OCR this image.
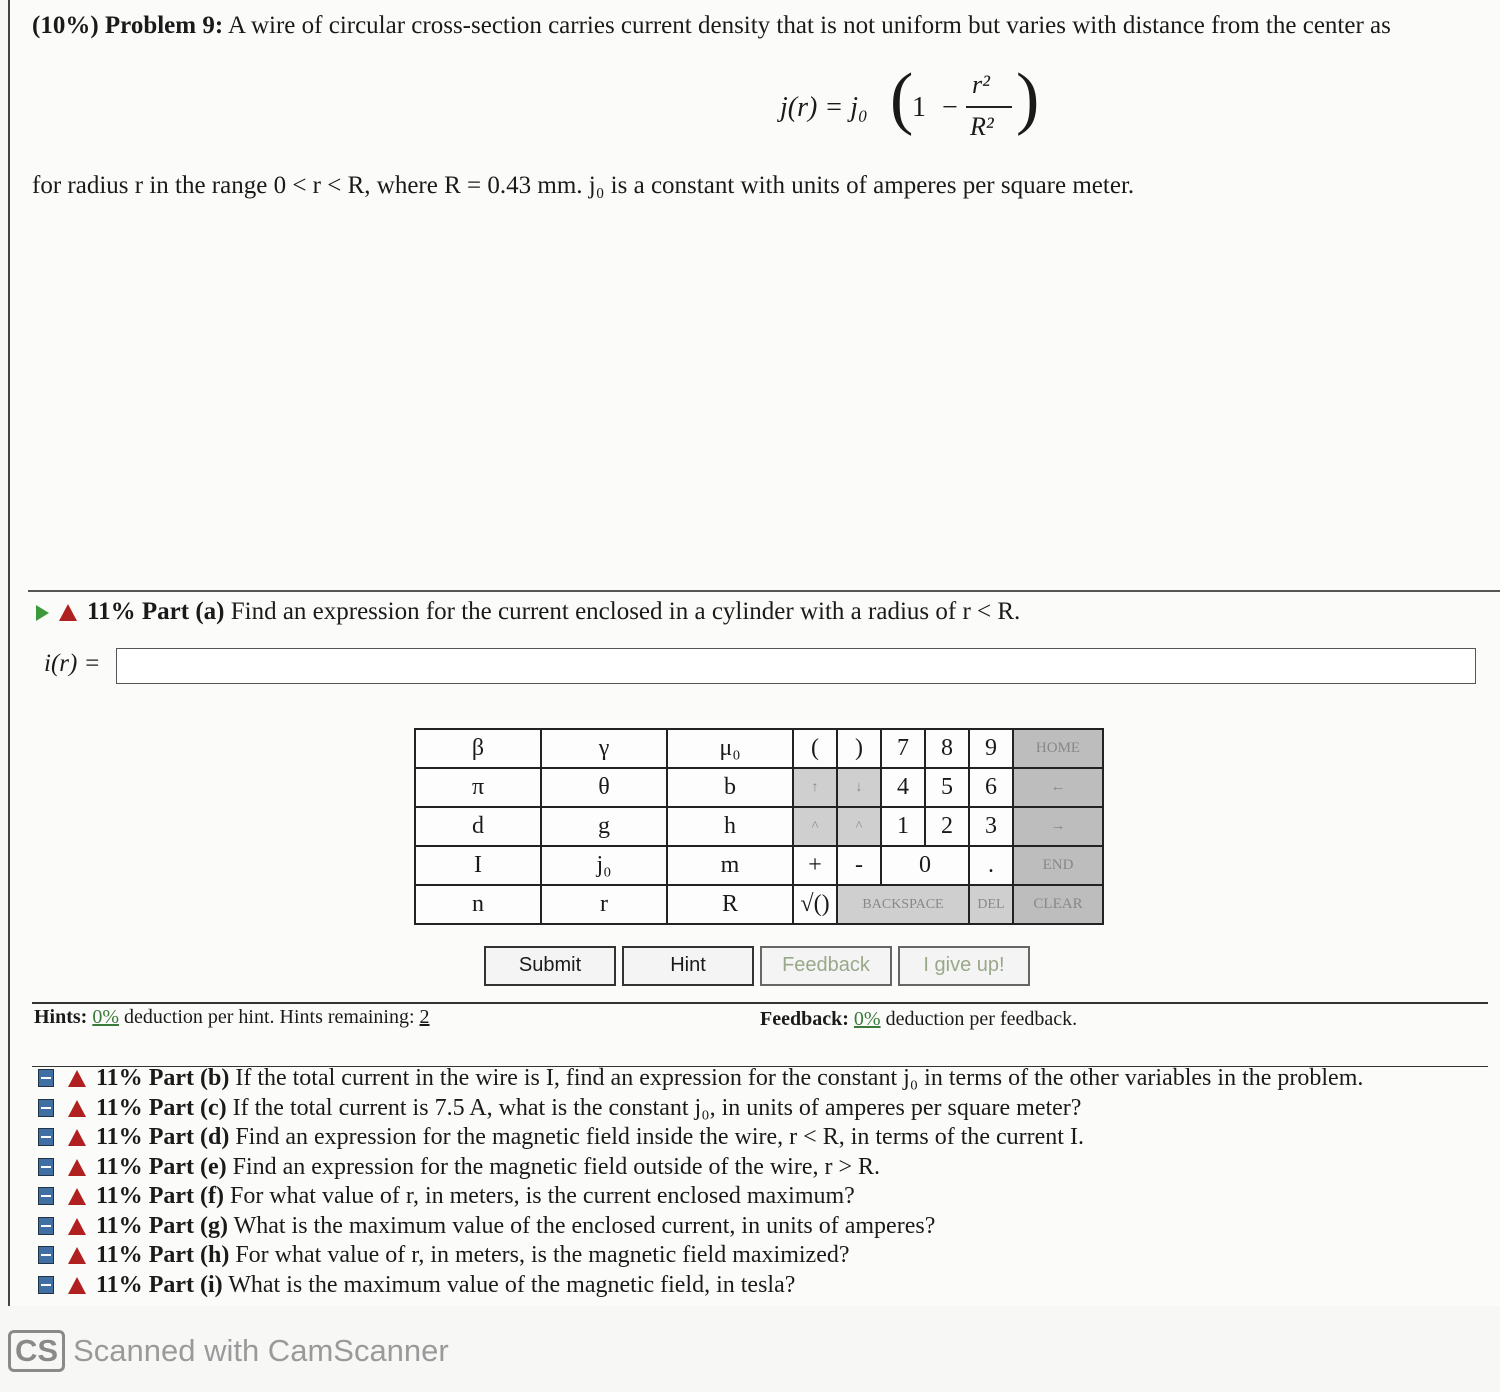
(10%) Problem 9: A wire of circular cross-section carries current density that is not uniform but varies with distance from the center as
j(r) = j₀ (
1 −
r²
R² )
for radius r in the range 0 < r < R, where R = 0.43 mm. j₀ is a constant with units of amperes per square meter.
11% Part (a) Find an expression for the current enclosed in a cylinder with a radius of r < R.
i(r) =
β	γ	μ₀	(	)	7	8	9	HOME
π	θ	b	↑	↓	4	5	6	←
d	g	h	^	^	1	2	3	→
I	j₀	m	+	-	0		.	END
n	r	R	√()	BACKSPACE			DEL	CLEAR
Submit	Hint	Feedback	I give up!
Hints: 0% deduction per hint. Hints remaining: 2	Feedback: 0% deduction per feedback.
11% Part (b) If the total current in the wire is I, find an expression for the constant j₀ in terms of the other variables in the problem.
11% Part (c) If the total current is 7.5 A, what is the constant j₀, in units of amperes per square meter?
11% Part (d) Find an expression for the magnetic field inside the wire, r < R, in terms of the current I.
11% Part (e) Find an expression for the magnetic field outside of the wire, r > R.
11% Part (f) For what value of r, in meters, is the current enclosed maximum?
11% Part (g) What is the maximum value of the enclosed current, in units of amperes?
11% Part (h) For what value of r, in meters, is the magnetic field maximized?
11% Part (i) What is the maximum value of the magnetic field, in tesla?
CS Scanned with CamScanner
